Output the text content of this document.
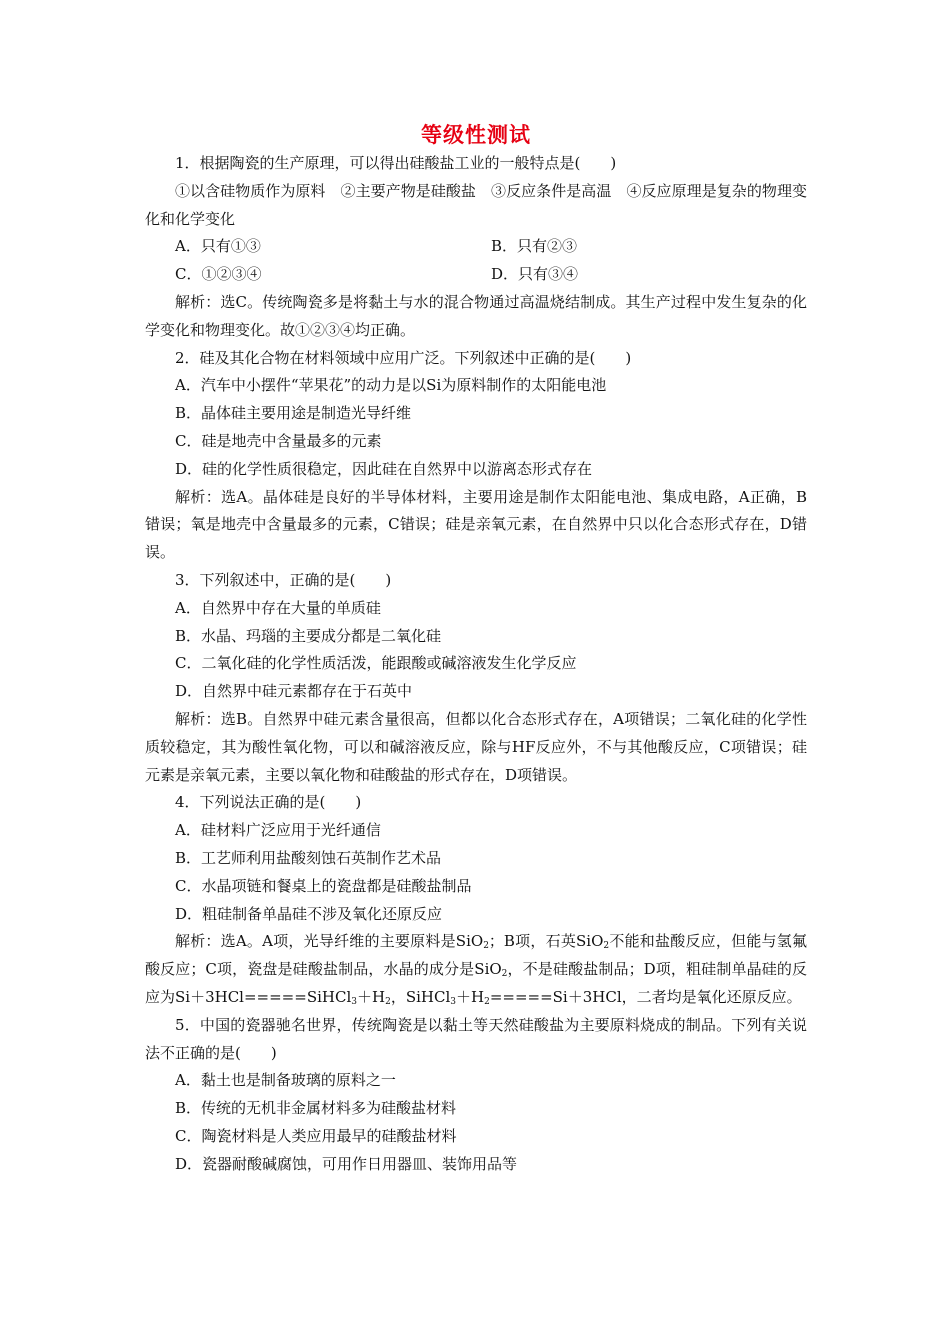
等级性测试

1．根据陶瓷的生产原理，可以得出硅酸盐工业的一般特点是(　　)

①以含硅物质作为原料　②主要产物是硅酸盐　③反应条件是高温　④反应原理是复杂的物理变化和化学变化

A．只有①③	B．只有②③
C．①②③④	D．只有③④

解析：选C。传统陶瓷多是将黏土与水的混合物通过高温烧结制成。其生产过程中发生复杂的化学变化和物理变化。故①②③④均正确。

2．硅及其化合物在材料领域中应用广泛。下列叙述中正确的是(　　)

A．汽车中小摆件“苹果花”的动力是以Si为原料制作的太阳能电池

B．晶体硅主要用途是制造光导纤维

C．硅是地壳中含量最多的元素

D．硅的化学性质很稳定，因此硅在自然界中以游离态形式存在

解析：选A。晶体硅是良好的半导体材料，主要用途是制作太阳能电池、集成电路，A正确，B错误；氧是地壳中含量最多的元素，C错误；硅是亲氧元素，在自然界中只以化合态形式存在，D错误。

3．下列叙述中，正确的是(　　)

A．自然界中存在大量的单质硅

B．水晶、玛瑙的主要成分都是二氧化硅

C．二氧化硅的化学性质活泼，能跟酸或碱溶液发生化学反应

D．自然界中硅元素都存在于石英中

解析：选B。自然界中硅元素含量很高，但都以化合态形式存在，A项错误；二氧化硅的化学性质较稳定，其为酸性氧化物，可以和碱溶液反应，除与HF反应外，不与其他酸反应，C项错误；硅元素是亲氧元素，主要以氧化物和硅酸盐的形式存在，D项错误。

4．下列说法正确的是(　　)

A．硅材料广泛应用于光纤通信

B．工艺师利用盐酸刻蚀石英制作艺术品

C．水晶项链和餐桌上的瓷盘都是硅酸盐制品

D．粗硅制备单晶硅不涉及氧化还原反应

解析：选A。A项，光导纤维的主要原料是SiO$_2$；B项，石英SiO$_2$不能和盐酸反应，但能与氢氟酸反应；C项，瓷盘是硅酸盐制品，水晶的成分是SiO$_2$，不是硅酸盐制品；D项，粗硅制单晶硅的反应为$Si+3HCl=====SiHCl_3+H_2$，$SiHCl_3+H_2=====Si+3HCl$，二者均是氧化还原反应。

5．中国的瓷器驰名世界，传统陶瓷是以黏土等天然硅酸盐为主要原料烧成的制品。下列有关说法不正确的是(　　)

A．黏土也是制备玻璃的原料之一

B．传统的无机非金属材料多为硅酸盐材料

C．陶瓷材料是人类应用最早的硅酸盐材料

D．瓷器耐酸碱腐蚀，可用作日用器皿、装饰用品等
